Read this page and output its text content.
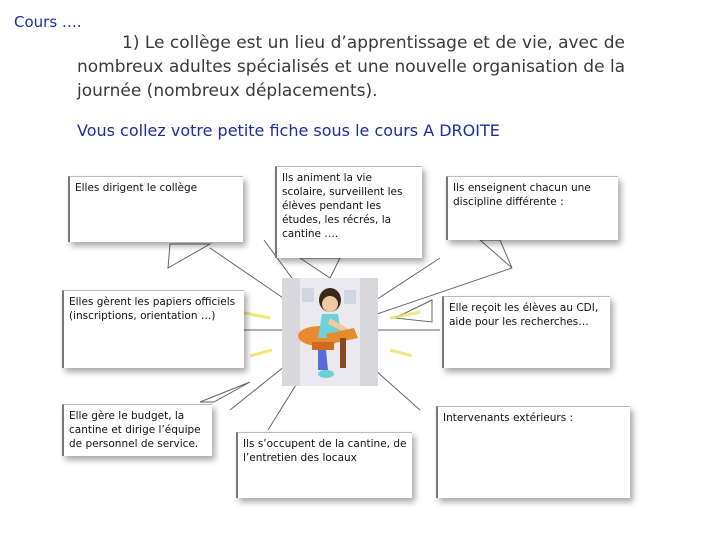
Cours ….
1) Le collège est un lieu d’apprentissage et de vie, avec de nombreux adultes spécialisés et une nouvelle organisation de la journée (nombreux déplacements).
Vous collez votre petite fiche sous le cours A DROITE
Elles dirigent le collège
Ils animent la vie scolaire, surveillent les élèves pendant les études, les récrés, la cantine ….
Ils enseignent chacun une discipline différente :
Elles gèrent les papiers officiels (inscriptions, orientation …)
Elle reçoit les élèves au CDI, aide pour les recherches…
Elle gère le budget, la cantine et dirige l’équipe de personnel de service.	Ils s’occupent de la cantine, de l’entretien des locaux
Intervenants extérieurs :
